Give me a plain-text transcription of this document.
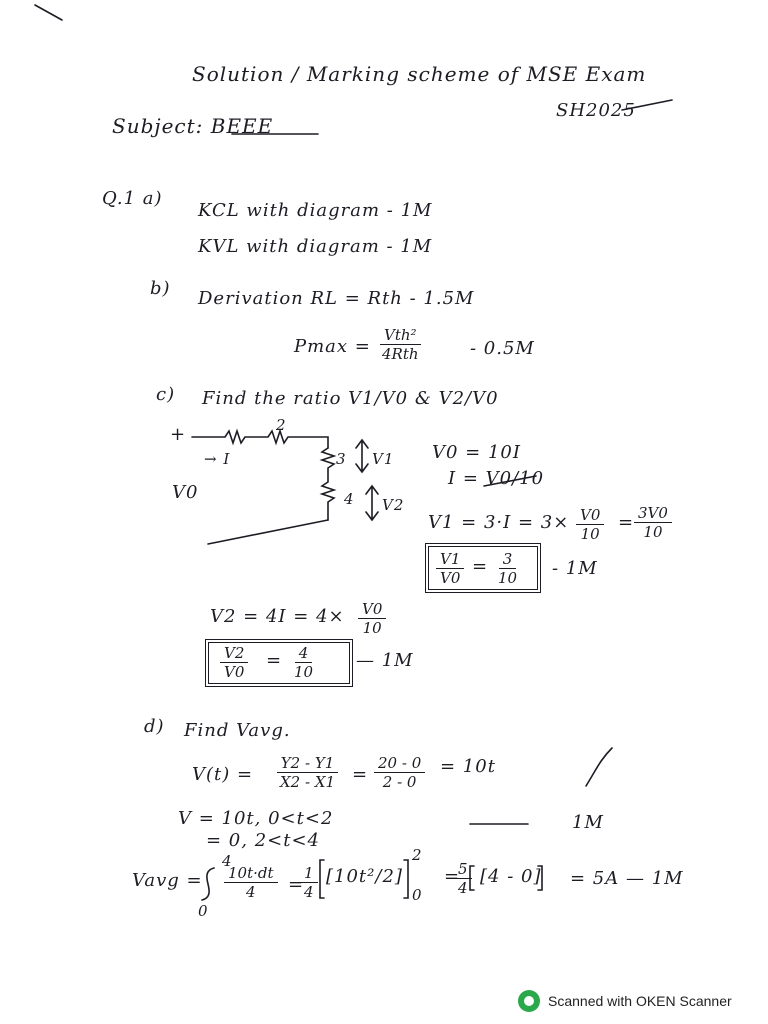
Solution / Marking scheme of MSE Exam
SH2025
Subject: BEEE
Q.1 a)
KCL with diagram - 1M
KVL with diagram - 1M
b) Derivation RL = Rth - 1.5M
Pmax =
Vth²
4Rth	- 0.5M
c) Find the ratio V1/V0 & V2/V0
+
→ I
V0
2
3
4
V1
V2
V0 = 10I
I = V0/10
$V1 = 3\cdot I = 3\times \frac{V0}{10} = \frac{3V0}{10}$
$\frac{V1}{V0} = \frac{3}{10} - 1M$
$V2 = 4I = 4\times \frac{V0}{10}$
$\frac{V2}{V0} = \frac{4}{10}$ — 1M
d) Find Vavg.
$V(t) = \frac{Y2 - Y1}{X2 - X1} = \frac{20 - 0}{2 - 0} = 10t$
V = 10t, 0<t<2
= 0, 2<t<4
1M
Vavg =
4
0
$\frac{10t\cdot dt}{4}$ =
$\frac{1}{4} [10t^2/2]$
2
0
=
$\frac{5}{4} [4 - 0] = 5A$ — 1M
Scanned with OKEN Scanner
